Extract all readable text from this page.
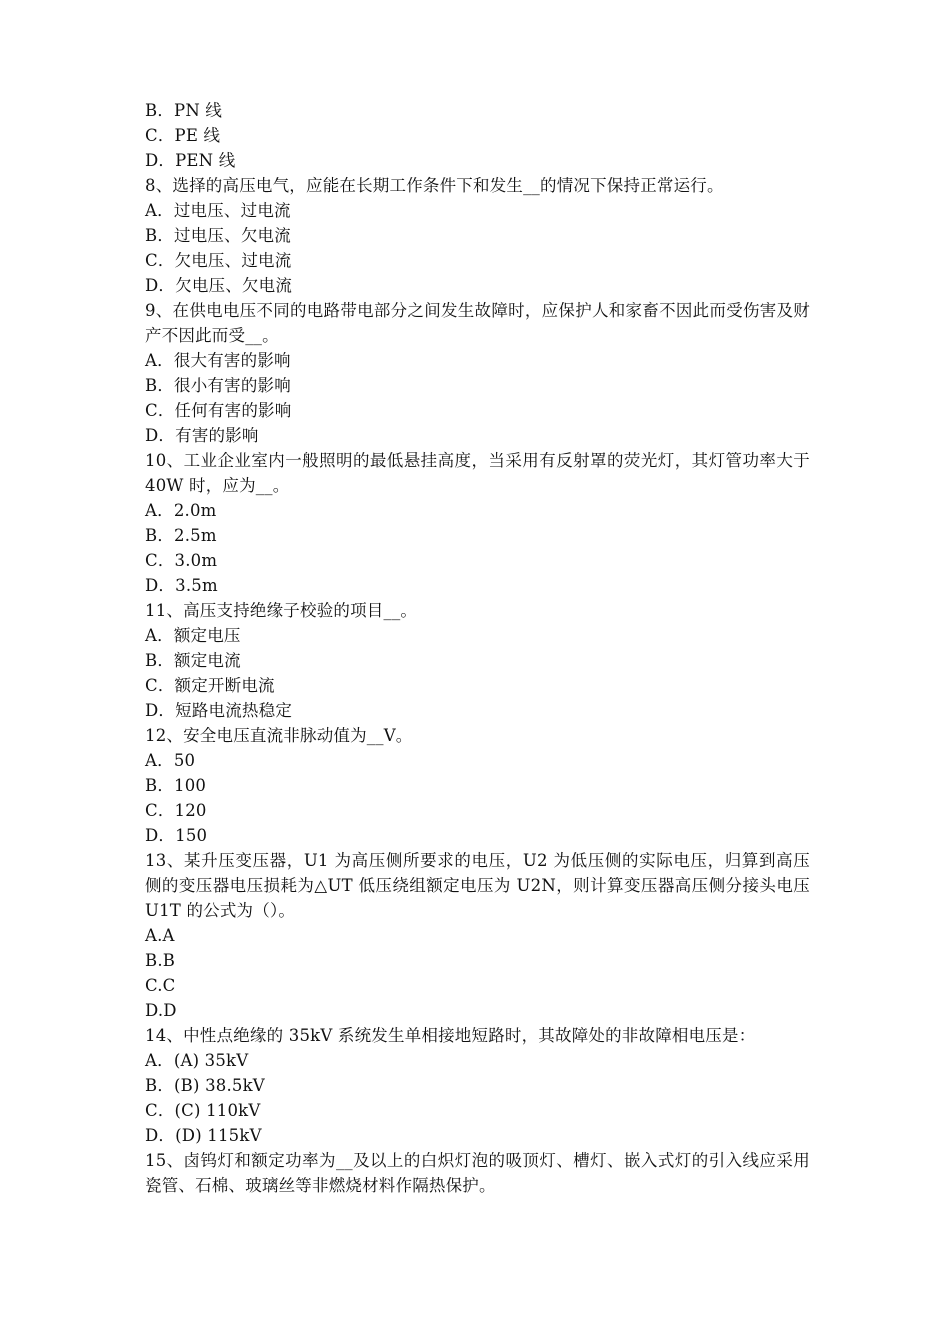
B．PN 线
C．PE 线
D．PEN 线
8、选择的高压电气，应能在长期工作条件下和发生__的情况下保持正常运行。
A．过电压、过电流
B．过电压、欠电流
C．欠电压、过电流
D．欠电压、欠电流
9、在供电电压不同的电路带电部分之间发生故障时，应保护人和家畜不因此而受伤害及财产不因此而受__。
A．很大有害的影响
B．很小有害的影响
C．任何有害的影响
D．有害的影响
10、工业企业室内一般照明的最低悬挂高度，当采用有反射罩的荧光灯，其灯管功率大于 40W 时，应为__。
A．2.0m
B．2.5m
C．3.0m
D．3.5m
11、高压支持绝缘子校验的项目__。
A．额定电压
B．额定电流
C．额定开断电流
D．短路电流热稳定
12、安全电压直流非脉动值为__V。
A．50
B．100
C．120
D．150
13、某升压变压器，U1 为高压侧所要求的电压，U2 为低压侧的实际电压，归算到高压侧的变压器电压损耗为△UT 低压绕组额定电压为 U2N，则计算变压器高压侧分接头电压 U1T 的公式为（）。
A.A
B.B
C.C
D.D
14、中性点绝缘的 35kV 系统发生单相接地短路时，其故障处的非故障相电压是：
A．(A) 35kV
B．(B) 38.5kV
C．(C) 110kV
D．(D) 115kV
15、卤钨灯和额定功率为__及以上的白炽灯泡的吸顶灯、槽灯、嵌入式灯的引入线应采用瓷管、石棉、玻璃丝等非燃烧材料作隔热保护。
